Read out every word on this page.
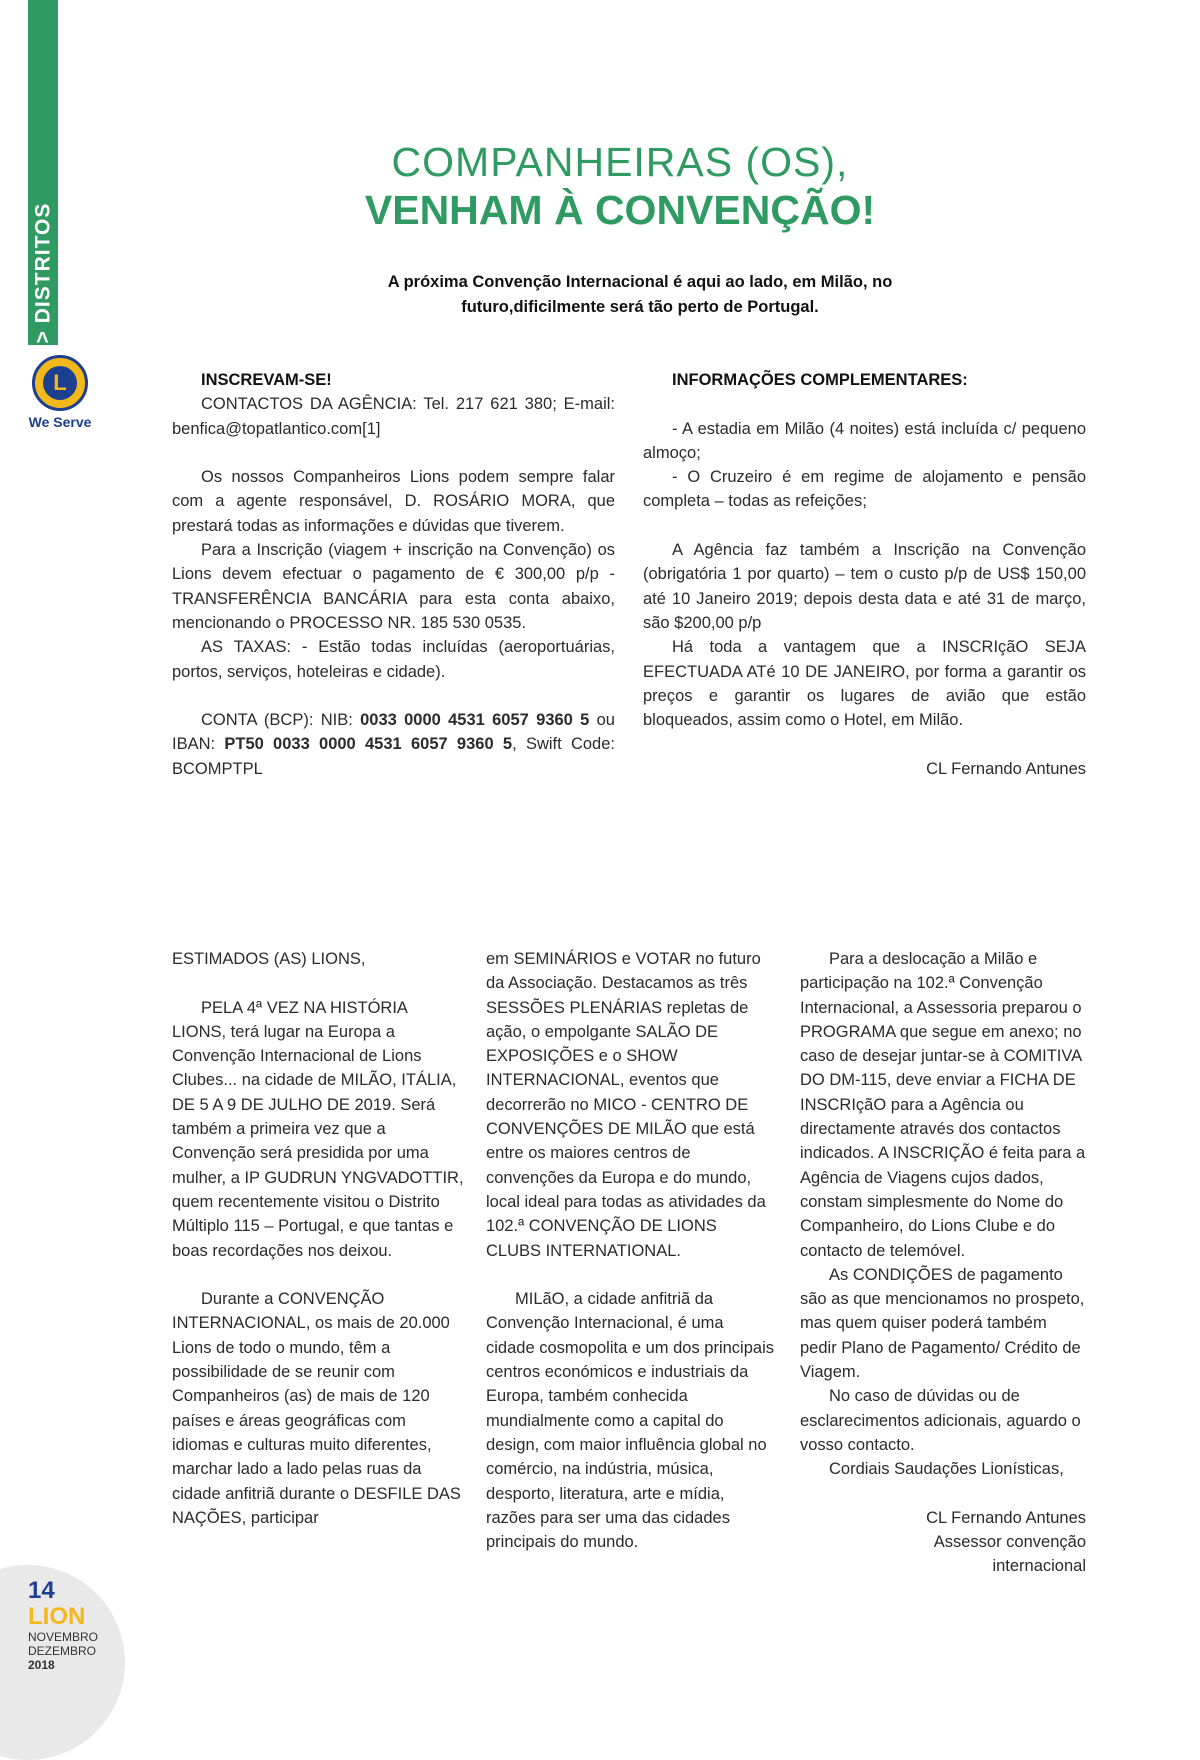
> DISTRITOS
L
We Serve
COMPANHEIRAS (OS),
VENHAM À CONVENÇÃO!
A próxima Convenção Internacional é aqui ao lado, em Milão, no futuro,dificilmente será tão perto de Portugal.

INSCREVAM-SE!

CONTACTOS DA AGÊNCIA: Tel. 217 621 380; E-mail: benfica@topatlantico.com[1]

Os nossos Companheiros Lions podem sempre falar com a agente responsável, D. ROSÁRIO MORA, que prestará todas as informações e dúvidas que tiverem.

Para a Inscrição (viagem + inscrição na Convenção) os Lions devem efectuar o pagamento de € 300,00 p/p - TRANSFERÊNCIA BANCÁRIA para esta conta abaixo, mencionando o PROCESSO NR. 185 530 0535.

AS TAXAS: - Estão todas incluídas (aeroportuárias, portos, serviços, hoteleiras e cidade).

CONTA (BCP): NIB: 0033 0000 4531 6057 9360 5 ou IBAN: PT50 0033 0000 4531 6057 9360 5, Swift Code: BCOMPTPL

INFORMAÇÕES COMPLEMENTARES:

- A estadia em Milão (4 noites) está incluída c/ pequeno almoço;

- O Cruzeiro é em regime de alojamento e pensão completa – todas as refeições;

A Agência faz também a Inscrição na Convenção (obrigatória 1 por quarto) – tem o custo p/p de US$ 150,00 até 10 Janeiro 2019; depois desta data e até 31 de março, são $200,00 p/p

Há toda a vantagem que a INSCRIçãO SEJA EFECTUADA ATé 10 DE JANEIRO, por forma a garantir os preços e garantir os lugares de avião que estão bloqueados, assim como o Hotel, em Milão.

CL Fernando Antunes

ESTIMADOS (AS) LIONS,

PELA 4ª VEZ NA HISTÓRIA LIONS, terá lugar na Europa a Convenção Internacional de Lions Clubes... na cidade de MILÃO, ITÁLIA, DE 5 A 9 DE JULHO DE 2019. Será também a primeira vez que a Convenção será presidida por uma mulher, a IP GUDRUN YNGVADOTTIR, quem recentemente visitou o Distrito Múltiplo 115 – Portugal, e que tantas e boas recordações nos deixou.

Durante a CONVENÇÃO INTERNACIONAL, os mais de 20.000 Lions de todo o mundo, têm a possibilidade de se reunir com Companheiros (as) de mais de 120 países e áreas geográficas com idiomas e culturas muito diferentes, marchar lado a lado pelas ruas da cidade anfitriã durante o DESFILE DAS NAÇÕES, participar

em SEMINÁRIOS e VOTAR no futuro da Associação. Destacamos as três SESSÕES PLENÁRIAS repletas de ação, o empolgante SALÃO DE EXPOSIÇÕES e o SHOW INTERNACIONAL, eventos que decorrerão no MICO - CENTRO DE CONVENÇÕES DE MILÃO que está entre os maiores centros de convenções da Europa e do mundo, local ideal para todas as atividades da 102.ª CONVENÇÃO DE LIONS CLUBS INTERNATIONAL.

MILãO, a cidade anfitriã da Convenção Internacional, é uma cidade cosmopolita e um dos principais centros económicos e industriais da Europa, também conhecida mundialmente como a capital do design, com maior influência global no comércio, na indústria, música, desporto, literatura, arte e mídia, razões para ser uma das cidades principais do mundo.

Para a deslocação a Milão e participação na 102.ª Convenção Internacional, a Assessoria preparou o PROGRAMA que segue em anexo; no caso de desejar juntar-se à COMITIVA DO DM-115, deve enviar a FICHA DE INSCRIçãO para a Agência ou directamente através dos contactos indicados. A INSCRIÇÃO é feita para a Agência de Viagens cujos dados, constam simplesmente do Nome do Companheiro, do Lions Clube e do contacto de telemóvel.

As CONDIÇÕES de pagamento são as que mencionamos no prospeto, mas quem quiser poderá também pedir Plano de Pagamento/ Crédito de Viagem.

No caso de dúvidas ou de esclarecimentos adicionais, aguardo o vosso contacto.

Cordiais Saudações Lionísticas,

CL Fernando Antunes

Assessor convenção

internacional

14
LION
NOVEMBRO
DEZEMBRO
2018
